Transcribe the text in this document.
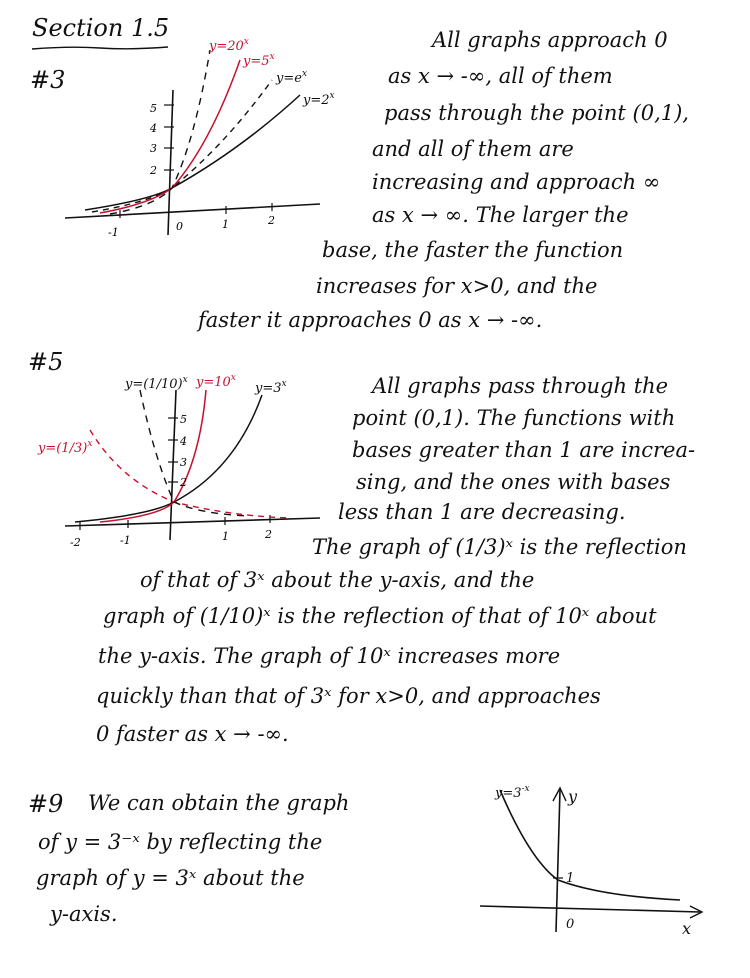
Section 1.5
#3
5
4
3
2
-1	0	1	2
$y=20^x$
$y=5^x$
$y=e^x$
$y=2^x$
All graphs approach 0
as x → -∞, all of them
pass through the point (0,1),
and all of them are
increasing and approach ∞
as x → ∞. The larger the
base, the faster the function
increases for x>0, and the
faster it approaches 0 as x → -∞.
#5
5
4
3
2
-2	-1	1	2
$y=(1/10)^x$ $y=10^x$
$y=3^x$
$y=(1/3)^x$
All graphs pass through the
point (0,1). The functions with
bases greater than 1 are increa-
sing, and the ones with bases
less than 1 are decreasing.
The graph of (1/3)ˣ is the reflection
of that of 3ˣ about the y-axis, and the
graph of (1/10)ˣ is the reflection of that of 10ˣ about
the y-axis. The graph of 10ˣ increases more
quickly than that of 3ˣ for x>0, and approaches
0 faster as x → -∞.
#9 We can obtain the graph
of y = 3⁻ˣ by reflecting the
graph of y = 3ˣ about the
y-axis.
$y=3^{-x}$ y
x
0
1
